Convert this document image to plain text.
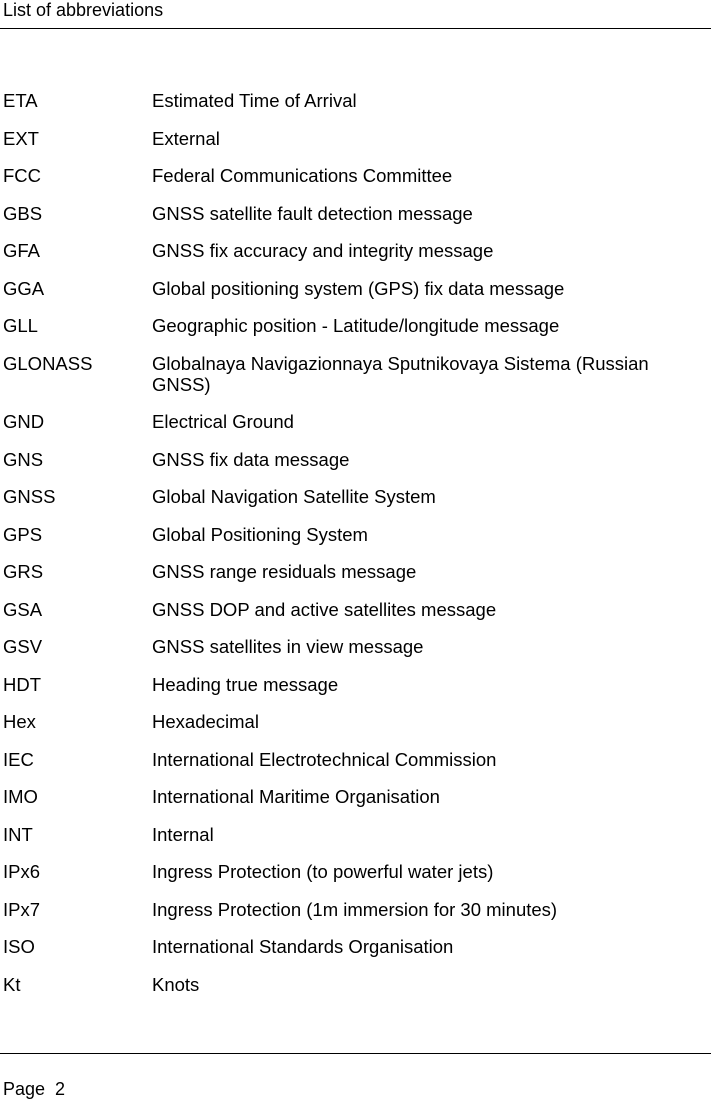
List of abbreviations
ETA	Estimated Time of Arrival
EXT	External
FCC	Federal Communications Committee
GBS	GNSS satellite fault detection message
GFA	GNSS fix accuracy and integrity message
GGA	Global positioning system (GPS) fix data message
GLL	Geographic position - Latitude/longitude message
GLONASS	Globalnaya Navigazionnaya Sputnikovaya Sistema (Russian GNSS)
GND	Electrical Ground
GNS	GNSS fix data message
GNSS	Global Navigation Satellite System
GPS	Global Positioning System
GRS	GNSS range residuals message
GSA	GNSS DOP and active satellites message
GSV	GNSS satellites in view message
HDT	Heading true message
Hex	Hexadecimal
IEC	International Electrotechnical Commission
IMO	International Maritime Organisation
INT	Internal
IPx6	Ingress Protection (to powerful water jets)
IPx7	Ingress Protection (1m immersion for 30 minutes)
ISO	International Standards Organisation
Kt	Knots
Page  2
